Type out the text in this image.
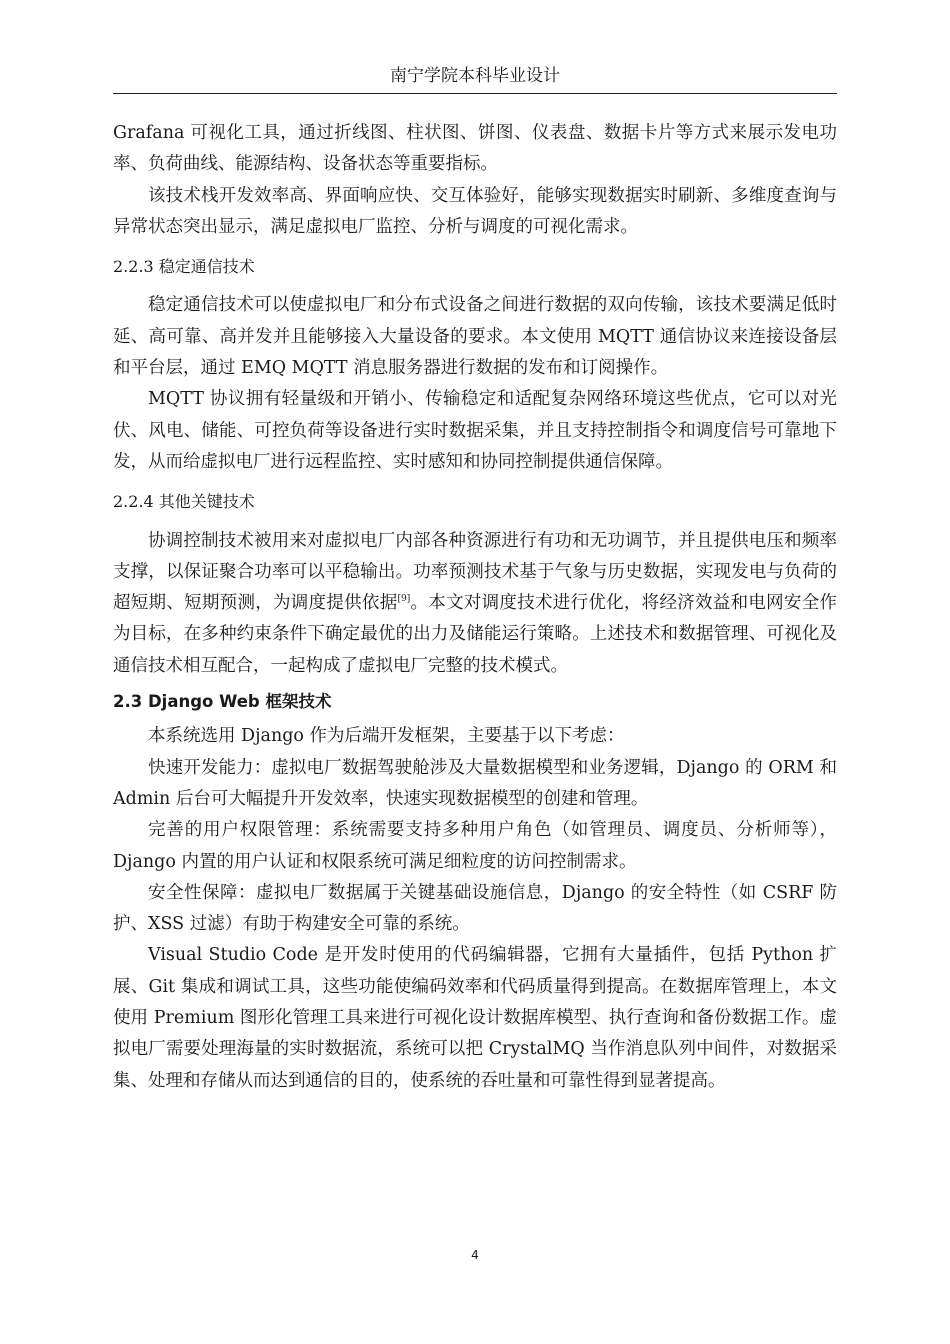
南宁学院本科毕业设计

Grafana 可视化工具，通过折线图、柱状图、饼图、仪表盘、数据卡片等方式来展示发电功率、负荷曲线、能源结构、设备状态等重要指标。

该技术栈开发效率高、界面响应快、交互体验好，能够实现数据实时刷新、多维度查询与异常状态突出显示，满足虚拟电厂监控、分析与调度的可视化需求。

2.2.3 稳定通信技术

稳定通信技术可以使虚拟电厂和分布式设备之间进行数据的双向传输，该技术要满足低时延、高可靠、高并发并且能够接入大量设备的要求。本文使用 MQTT 通信协议来连接设备层和平台层，通过 EMQ MQTT 消息服务器进行数据的发布和订阅操作。

MQTT 协议拥有轻量级和开销小、传输稳定和适配复杂网络环境这些优点，它可以对光伏、风电、储能、可控负荷等设备进行实时数据采集，并且支持控制指令和调度信号可靠地下发，从而给虚拟电厂进行远程监控、实时感知和协同控制提供通信保障。

2.2.4 其他关键技术

协调控制技术被用来对虚拟电厂内部各种资源进行有功和无功调节，并且提供电压和频率支撑，以保证聚合功率可以平稳输出。功率预测技术基于气象与历史数据，实现发电与负荷的超短期、短期预测，为调度提供依据[9]。本文对调度技术进行优化，将经济效益和电网安全作为目标，在多种约束条件下确定最优的出力及储能运行策略。上述技术和数据管理、可视化及通信技术相互配合，一起构成了虚拟电厂完整的技术模式。

2.3 Django Web 框架技术

本系统选用 Django 作为后端开发框架，主要基于以下考虑：

快速开发能力：虚拟电厂数据驾驶舱涉及大量数据模型和业务逻辑，Django 的 ORM 和 Admin 后台可大幅提升开发效率，快速实现数据模型的创建和管理。

完善的用户权限管理：系统需要支持多种用户角色（如管理员、调度员、分析师等），Django 内置的用户认证和权限系统可满足细粒度的访问控制需求。

安全性保障：虚拟电厂数据属于关键基础设施信息，Django 的安全特性（如 CSRF 防护、XSS 过滤）有助于构建安全可靠的系统。

Visual Studio Code 是开发时使用的代码编辑器，它拥有大量插件，包括 Python 扩展、Git 集成和调试工具，这些功能使编码效率和代码质量得到提高。在数据库管理上，本文使用 Premium 图形化管理工具来进行可视化设计数据库模型、执行查询和备份数据工作。虚拟电厂需要处理海量的实时数据流，系统可以把 CrystalMQ 当作消息队列中间件，对数据采集、处理和存储从而达到通信的目的，使系统的吞吐量和可靠性得到显著提高。

4
